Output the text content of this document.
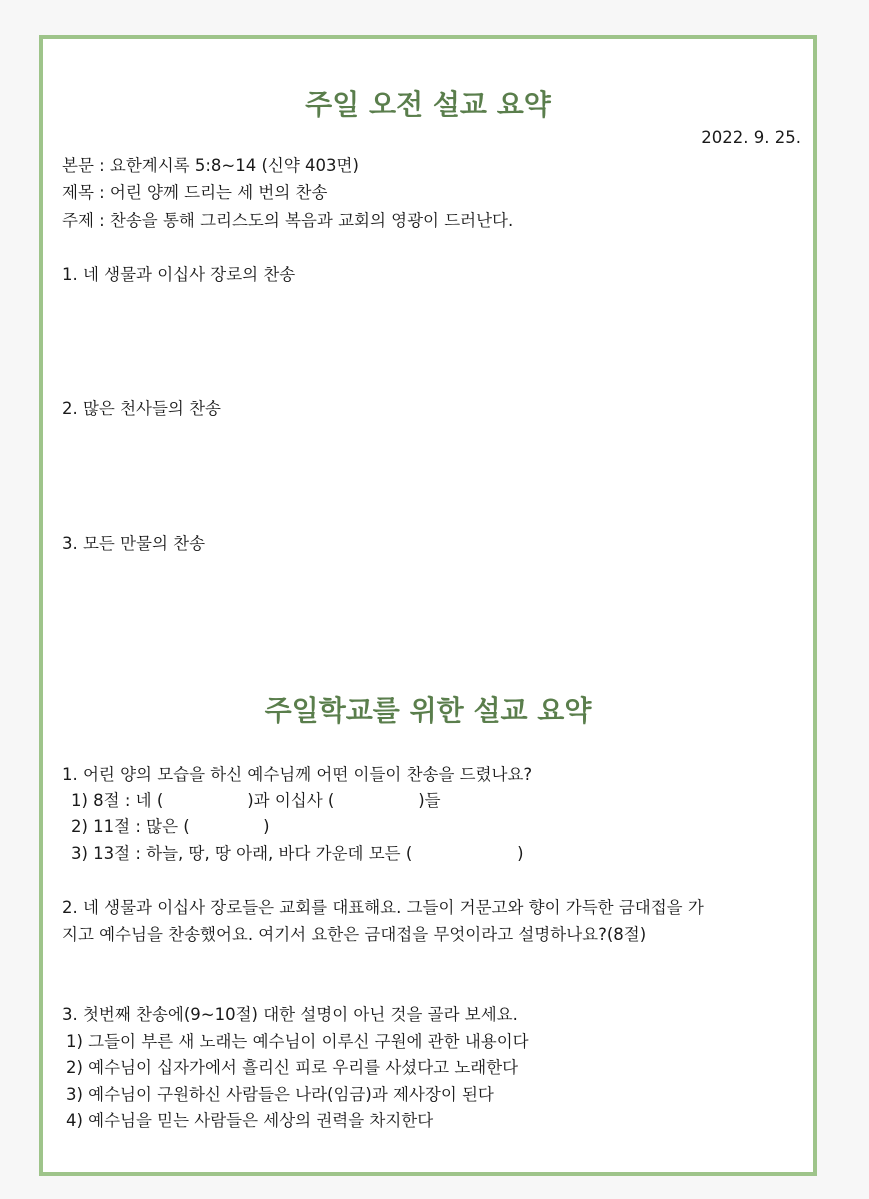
주일 오전 설교 요약
2022. 9. 25.
본문 : 요한계시록 5:8~14 (신약 403면)
제목 : 어린 양께 드리는 세 번의 찬송
주제 : 찬송을 통해 그리스도의 복음과 교회의 영광이 드러난다.
1. 네 생물과 이십사 장로의 찬송
2. 많은 천사들의 찬송
3. 모든 만물의 찬송
주일학교를 위한 설교 요약
1. 어린 양의 모습을 하신 예수님께 어떤 이들이 찬송을 드렸나요?
1) 8절 : 네 (                )과 이십사 (                )들
2) 11절 : 많은 (              )
3) 13절 : 하늘, 땅, 땅 아래, 바다 가운데 모든 (                    )
2. 네 생물과 이십사 장로들은 교회를 대표해요. 그들이 거문고와 향이 가득한 금대접을 가
지고 예수님을 찬송했어요. 여기서 요한은 금대접을 무엇이라고 설명하나요?(8절)
3. 첫번째 찬송에(9~10절) 대한 설명이 아닌 것을 골라 보세요.
1) 그들이 부른 새 노래는 예수님이 이루신 구원에 관한 내용이다
2) 예수님이 십자가에서 흘리신 피로 우리를 사셨다고 노래한다
3) 예수님이 구원하신 사람들은 나라(임금)과 제사장이 된다
4) 예수님을 믿는 사람들은 세상의 권력을 차지한다
